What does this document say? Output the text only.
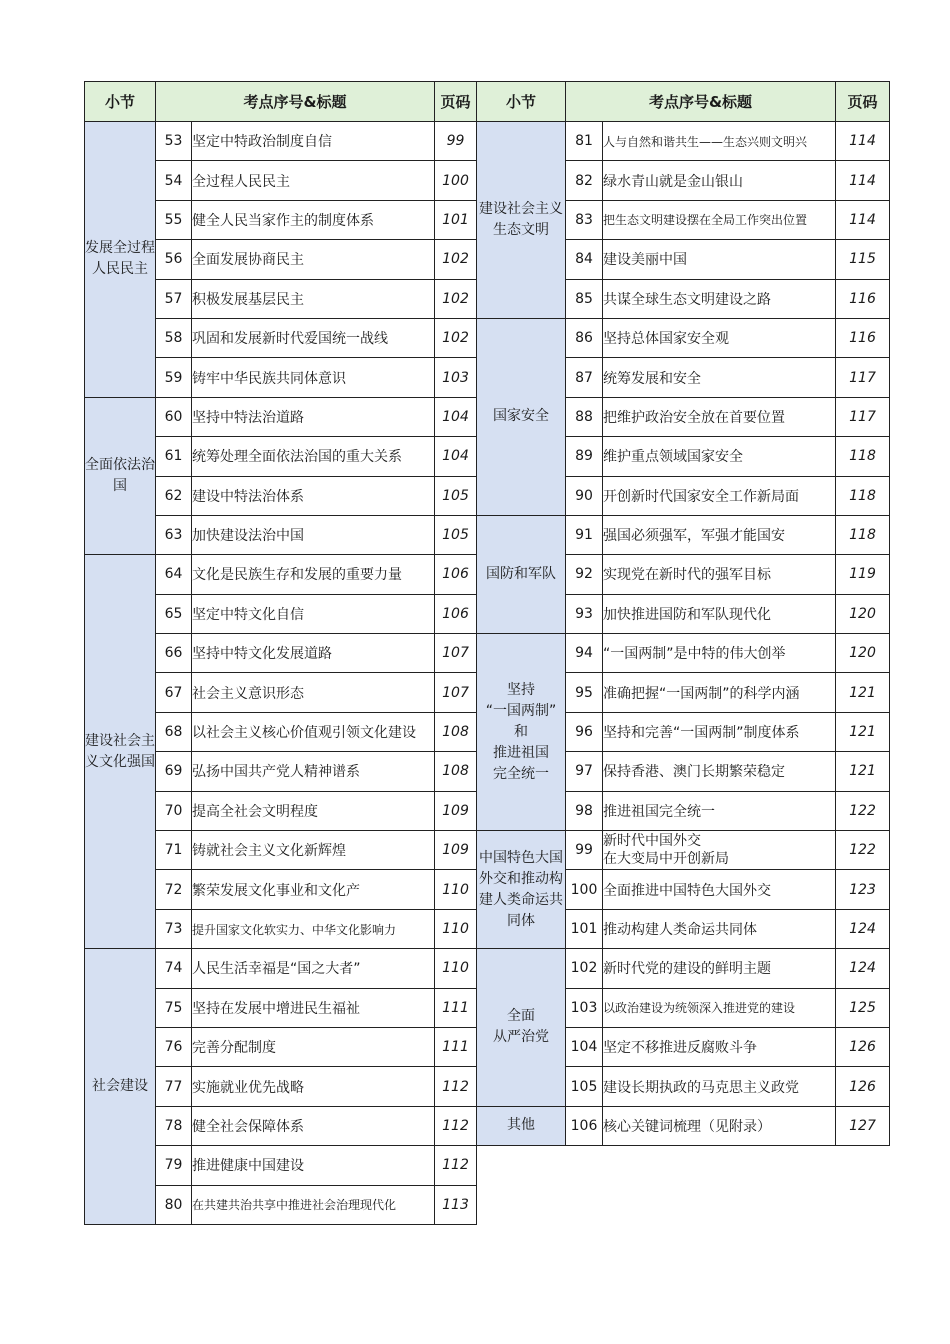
小节	考点序号&标题		页码
发展全过程人民民主	53	坚定中特政治制度自信	99
	54	全过程人民民主	100
	55	健全人民当家作主的制度体系	101
	56	全面发展协商民主	102
	57	积极发展基层民主	102
	58	巩固和发展新时代爱国统一战线	102
	59	铸牢中华民族共同体意识	103
全面依法治国	60	坚持中特法治道路	104
	61	统筹处理全面依法治国的重大关系	104
	62	建设中特法治体系	105
	63	加快建设法治中国	105
建设社会主义文化强国	64	文化是民族生存和发展的重要力量	106
	65	坚定中特文化自信	106
	66	坚持中特文化发展道路	107
	67	社会主义意识形态	107
	68	以社会主义核心价值观引领文化建设	108
	69	弘扬中国共产党人精神谱系	108
	70	提高全社会文明程度	109
	71	铸就社会主义文化新辉煌	109
	72	繁荣发展文化事业和文化产	110
	73	提升国家文化软实力、中华文化影响力	110
社会建设	74	人民生活幸福是“国之大者”	110
	75	坚持在发展中增进民生福祉	111
	76	完善分配制度	111
	77	实施就业优先战略	112
	78	健全社会保障体系	112
	79	推进健康中国建设	112
	80	在共建共治共享中推进社会治理现代化	113
小节	考点序号&标题		页码
建设社会主义生态文明	81	人与自然和谐共生——生态兴则文明兴	114
	82	绿水青山就是金山银山	114
	83	把生态文明建设摆在全局工作突出位置	114
	84	建设美丽中国	115
	85	共谋全球生态文明建设之路	116
国家安全	86	坚持总体国家安全观	116
	87	统筹发展和安全	117
	88	把维护政治安全放在首要位置	117
	89	维护重点领域国家安全	118
	90	开创新时代国家安全工作新局面	118
国防和军队	91	强国必须强军，军强才能国安	118
	92	实现党在新时代的强军目标	119
	93	加快推进国防和军队现代化	120
坚持
“一国两制”
和
推进祖国
完全统一	94	“一国两制”是中特的伟大创举	120
	95	准确把握“一国两制”的科学内涵	121
	96	坚持和完善“一国两制”制度体系	121
	97	保持香港、澳门长期繁荣稳定	121
	98	推进祖国完全统一	122
中国特色大国外交和推动构建人类命运共同体	99	新时代中国外交
在大变局中开创新局	122
	100	全面推进中国特色大国外交	123
	101	推动构建人类命运共同体	124
全面
从严治党	102	新时代党的建设的鲜明主题	124
	103	以政治建设为统领深入推进党的建设	125
	104	坚定不移推进反腐败斗争	126
	105	建设长期执政的马克思主义政党	126
其他	106	核心关键词梳理（见附录）	127
